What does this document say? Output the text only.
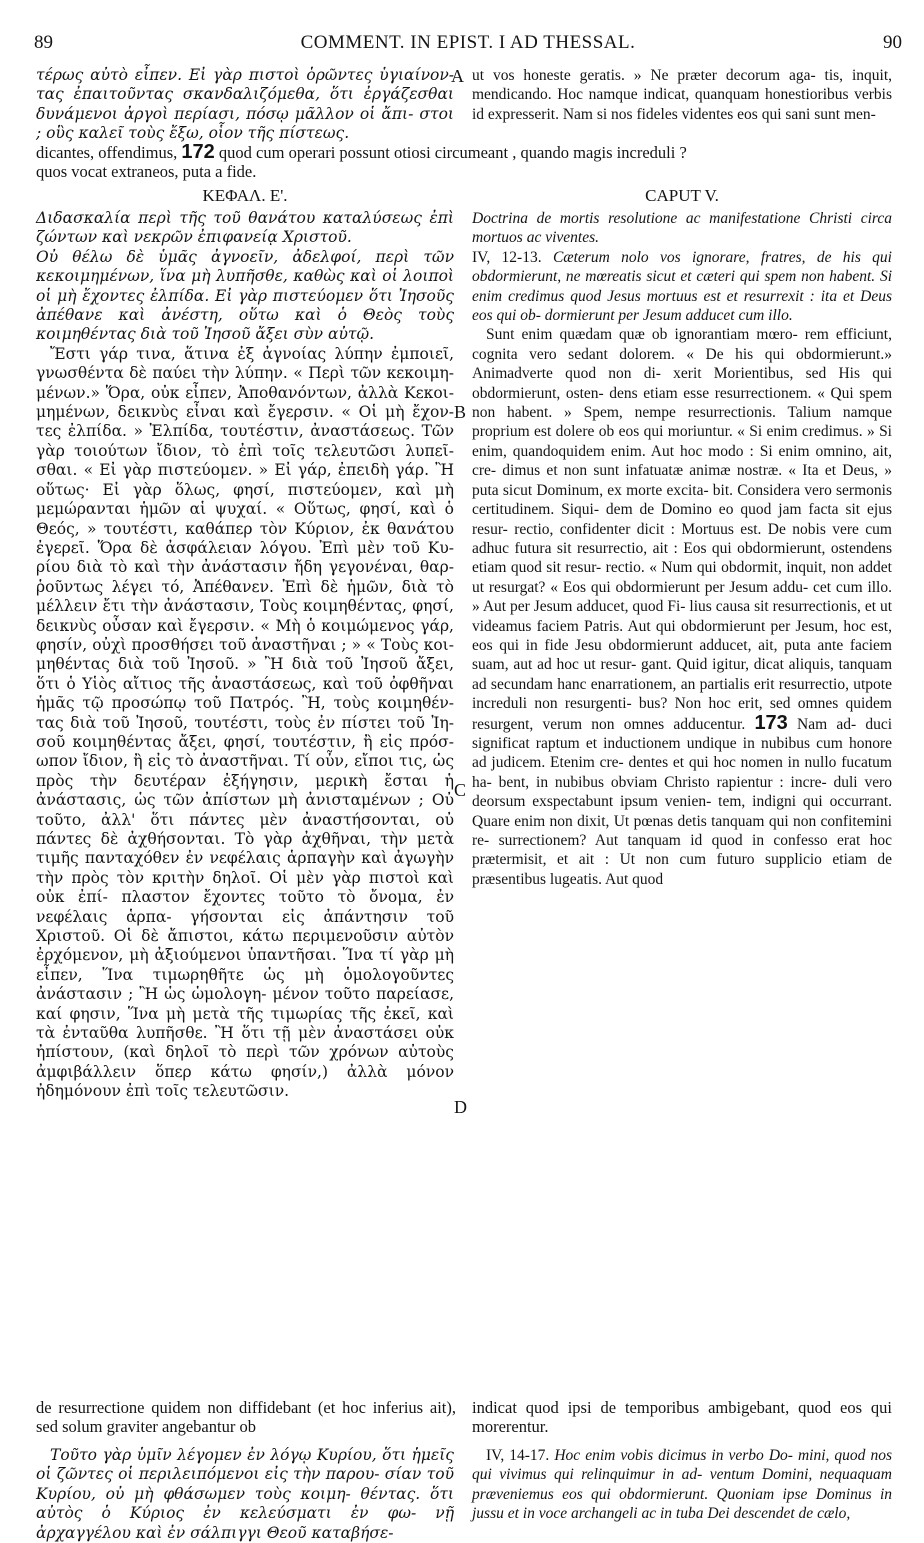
89	COMMENT. IN EPIST. I AD THESSAL.	90

τέρως αὐτὸ εἶπεν. Εἰ γὰρ πιστοὶ ὁρῶντες ὑγιαίνον- τας ἐπαιτοῦντας σκανδαλιζόμεθα, ὅτι ἐργάζεσθαι δυνάμενοι ἀργοὶ περίασι, πόσῳ μᾶλλον οἱ ἄπι- στοι ; οὓς καλεῖ τοὺς ἔξω, οἷον τῆς πίστεως.

ut vos honeste geratis. » Ne præter decorum aga- tis, inquit, mendicando. Hoc namque indicat, quanquam honestioribus verbis id expresserit. Nam si nos fideles videntes eos qui sani sunt men-

dicantes, offendimus, 172 quod cum operari possunt otiosi circumeant , quando magis increduli ?
quos vocat extraneos, puta a fide.
ΚΕΦΑΛ. Ε'.

Διδασκαλία περὶ τῆς τοῦ θανάτου καταλύσεως ἐπὶ ζώντων καὶ νεκρῶν ἐπιφανείᾳ Χριστοῦ.

Οὐ θέλω δὲ ὑμᾶς ἀγνοεῖν, ἀδελφοί, περὶ τῶν κεκοιμημένων, ἵνα μὴ λυπῆσθε, καθὼς καὶ οἱ λοιποὶ οἱ μὴ ἔχοντες ἐλπίδα. Εἰ γὰρ πιστεύομεν ὅτι Ἰησοῦς ἀπέθανε καὶ ἀνέστη, οὕτω καὶ ὁ Θεὸς τοὺς κοιμηθέντας διὰ τοῦ Ἰησοῦ ἄξει σὺν αὐτῷ.

Ἔστι γάρ τινα, ἅτινα ἐξ ἀγνοίας λύπην ἐμποιεῖ, γνωσθέντα δὲ παύει τὴν λύπην. « Περὶ τῶν κεκοιμη- μένων.» Ὅρα, οὐκ εἶπεν, Ἀποθανόντων, ἀλλὰ Κεκοι- μημένων, δεικνὺς εἶναι καὶ ἔγερσιν. « Οἱ μὴ ἔχον- τες ἐλπίδα. » Ἐλπίδα, τουτέστιν, ἀναστάσεως. Τῶν γὰρ τοιούτων ἴδιον, τὸ ἐπὶ τοῖς τελευτῶσι λυπεῖ- σθαι. « Εἰ γὰρ πιστεύομεν. » Εἰ γάρ, ἐπειδὴ γάρ. Ἢ οὕτως· Εἰ γὰρ ὅλως, φησί, πιστεύομεν, καὶ μὴ μεμώρανται ἡμῶν αἱ ψυχαί. « Οὕτως, φησί, καὶ ὁ Θεός, » τουτέστι, καθάπερ τὸν Κύριον, ἐκ θανάτου ἐγερεῖ. Ὅρα δὲ ἀσφάλειαν λόγου. Ἐπὶ μὲν τοῦ Κυ- ρίου διὰ τὸ καὶ τὴν ἀνάστασιν ἤδη γεγονέναι, θαρ- ῥοῦντως λέγει τό, Ἀπέθανεν. Ἐπὶ δὲ ἡμῶν, διὰ τὸ μέλλειν ἔτι τὴν ἀνάστασιν, Τοὺς κοιμηθέντας, φησί, δεικνὺς οὖσαν καὶ ἔγερσιν. « Μὴ ὁ κοιμώμενος γάρ, φησίν, οὐχὶ προσθήσει τοῦ ἀναστῆναι ; » « Τοὺς κοι- μηθέντας διὰ τοῦ Ἰησοῦ. » Ἢ διὰ τοῦ Ἰησοῦ ἄξει, ὅτι ὁ Υἱὸς αἴτιος τῆς ἀναστάσεως, καὶ τοῦ ὀφθῆναι ἡμᾶς τῷ προσώπῳ τοῦ Πατρός. Ἢ, τοὺς κοιμηθέν- τας διὰ τοῦ Ἰησοῦ, τουτέστι, τοὺς ἐν πίστει τοῦ Ἰη- σοῦ κοιμηθέντας ἄξει, φησί, τουτέστιν, ἢ εἰς πρόσ- ωπον ἴδιον, ἢ εἰς τὸ ἀναστῆναι. Τί οὖν, εἴποι τις, ὡς πρὸς τὴν δευτέραν ἐξήγησιν, μερικὴ ἔσται ἡ ἀνάστασις, ὡς τῶν ἀπίστων μὴ ἀνισταμένων ; Οὐ τοῦτο, ἀλλ' ὅτι πάντες μὲν ἀναστήσονται, οὐ πάντες δὲ ἀχθήσονται. Τὸ γὰρ ἀχθῆναι, τὴν μετὰ τιμῆς πανταχόθεν ἐν νεφέλαις ἁρπαγὴν καὶ ἀγωγὴν τὴν πρὸς τὸν κριτὴν δηλοῖ. Οἱ μὲν γὰρ πιστοὶ καὶ οὐκ ἐπί- πλαστον ἔχοντες τοῦτο τὸ ὄνομα, ἐν νεφέλαις ἁρπα- γήσονται εἰς ἀπάντησιν τοῦ Χριστοῦ. Οἱ δὲ ἄπιστοι, κάτω περιμενοῦσιν αὐτὸν ἐρχόμενον, μὴ ἀξιούμενοι ὑπαντῆσαι. Ἵνα τί γὰρ μὴ εἶπεν, Ἵνα τιμωρηθῆτε ὡς μὴ ὁμολογοῦντες ἀνάστασιν ; Ἢ ὡς ὡμολογη- μένον τοῦτο παρείασε, καί φησιν, Ἵνα μὴ μετὰ τῆς τιμωρίας τῆς ἐκεῖ, καὶ τὰ ἐνταῦθα λυπῆσθε. Ἢ ὅτι τῇ μὲν ἀναστάσει οὐκ ἠπίστουν, (καὶ δηλοῖ τὸ περὶ τῶν χρόνων αὐτοὺς ἀμφιβάλλειν ὅπερ κάτω φησίν,) ἀλλὰ μόνον ἠδημόνουν ἐπὶ τοῖς τελευτῶσιν.

CAPUT V.

Doctrina de mortis resolutione ac manifestatione Christi circa mortuos ac viventes.

IV, 12-13. Cæterum nolo vos ignorare, fratres, de his qui obdormierunt, ne mœreatis sicut et cæteri qui spem non habent. Si enim credimus quod Jesus mortuus est et resurrexit : ita et Deus eos qui ob- dormierunt per Jesum adducet cum illo.

Sunt enim quædam quæ ob ignorantiam mœro- rem efficiunt, cognita vero sedant dolorem. « De his qui obdormierunt.» Animadverte quod non di- xerit Morientibus, sed His qui obdormierunt, osten- dens etiam esse resurrectionem. « Qui spem non habent. » Spem, nempe resurrectionis. Talium namque proprium est dolere ob eos qui moriuntur. « Si enim credimus. » Si enim, quandoquidem enim. Aut hoc modo : Si enim omnino, ait, cre- dimus et non sunt infatuatæ animæ nostræ. « Ita et Deus, » puta sicut Dominum, ex morte excita- bit. Considera vero sermonis certitudinem. Siqui- dem de Domino eo quod jam facta sit ejus resur- rectio, confidenter dicit : Mortuus est. De nobis vere cum adhuc futura sit resurrectio, ait : Eos qui obdormierunt, ostendens etiam quod sit resur- rectio. « Num qui obdormit, inquit, non addet ut resurgat? « Eos qui obdormierunt per Jesum addu- cet cum illo. » Aut per Jesum adducet, quod Fi- lius causa sit resurrectionis, et ut videamus faciem Patris. Aut qui obdormierunt per Jesum, hoc est, eos qui in fide Jesu obdormierunt adducet, ait, puta ante faciem suam, aut ad hoc ut resur- gant. Quid igitur, dicat aliquis, tanquam ad secundam hanc enarrationem, an partialis erit resurrectio, utpote increduli non resurgenti- bus? Non hoc erit, sed omnes quidem resurgent, verum non omnes adducentur. 173 Nam ad- duci significat raptum et inductionem undique in nubibus cum honore ad judicem. Etenim cre- dentes et qui hoc nomen in nullo fucatum ha- bent, in nubibus obviam Christo rapientur : incre- duli vero deorsum exspectabunt ipsum venien- tem, indigni qui occurrant. Quare enim non dixit, Ut pœnas detis tanquam qui non confitemini re- surrectionem? Aut tanquam id quod in confesso erat hoc prætermisit, et ait : Ut non cum futuro supplicio etiam de præsentibus lugeatis. Aut quod

A
B
C
D
de resurrectione quidem non diffidebant (et hoc inferius ait), sed solum graviter angebantur ob
indicat quod ipsi de temporibus ambigebant, quod eos qui morerentur.

Τοῦτο γὰρ ὑμῖν λέγομεν ἐν λόγῳ Κυρίου, ὅτι ἡμεῖς οἱ ζῶντες οἱ περιλειπόμενοι εἰς τὴν παρου- σίαν τοῦ Κυρίου, οὐ μὴ φθάσωμεν τοὺς κοιμη- θέντας. ὅτι αὐτὸς ὁ Κύριος ἐν κελεύσματι ἐν φω- νῇ ἀρχαγγέλου καὶ ἐν σάλπιγγι Θεοῦ καταβήσε-

IV, 14-17. Hoc enim vobis dicimus in verbo Do- mini, quod nos qui vivimus qui relinquimur in ad- ventum Domini, nequaquam præveniemus eos qui obdormierunt. Quoniam ipse Dominus in jussu et in voce archangeli ac in tuba Dei descendet de cælo,
